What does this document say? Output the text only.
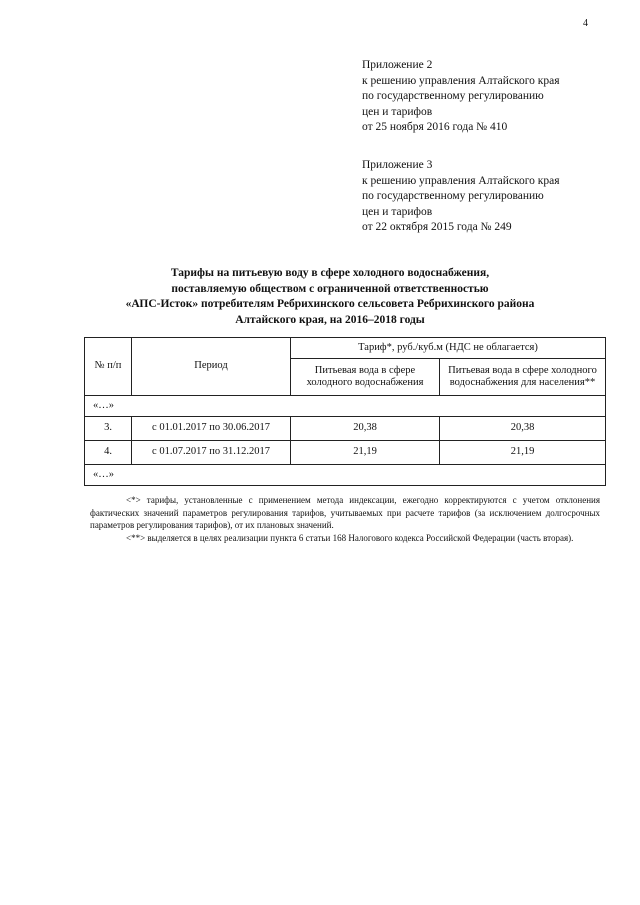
4
Приложение 2
к решению управления Алтайского края
по государственному регулированию
цен и тарифов
от 25 ноября 2016 года № 410
Приложение 3
к решению управления Алтайского края
по государственному регулированию
цен и тарифов
от 22 октября 2015 года № 249
Тарифы на питьевую воду в сфере холодного водоснабжения,
поставляемую обществом с ограниченной ответственностью
«АПС-Исток» потребителям Ребрихинского сельсовета Ребрихинского района
Алтайского края, на 2016–2018 годы
№ п/п	Период	Тариф*, руб./куб.м (НДС не облагается)	
		Питьевая вода в сфере холодного водоснабжения	Питьевая вода в сфере холодного водоснабжения для населения**
«…»			
3.	с 01.01.2017 по 30.06.2017	20,38	20,38
4.	с 01.07.2017 по 31.12.2017	21,19	21,19
«…»			

<*> тарифы, установленные с применением метода индексации, ежегодно корректируются с учетом отклонения фактических значений параметров регулирования тарифов, учитываемых при расчете тарифов (за исключением долгосрочных параметров регулирования тарифов), от их плановых значений.

<**> выделяется в целях реализации пункта 6 статьи 168 Налогового кодекса Российской Федерации (часть вторая).
